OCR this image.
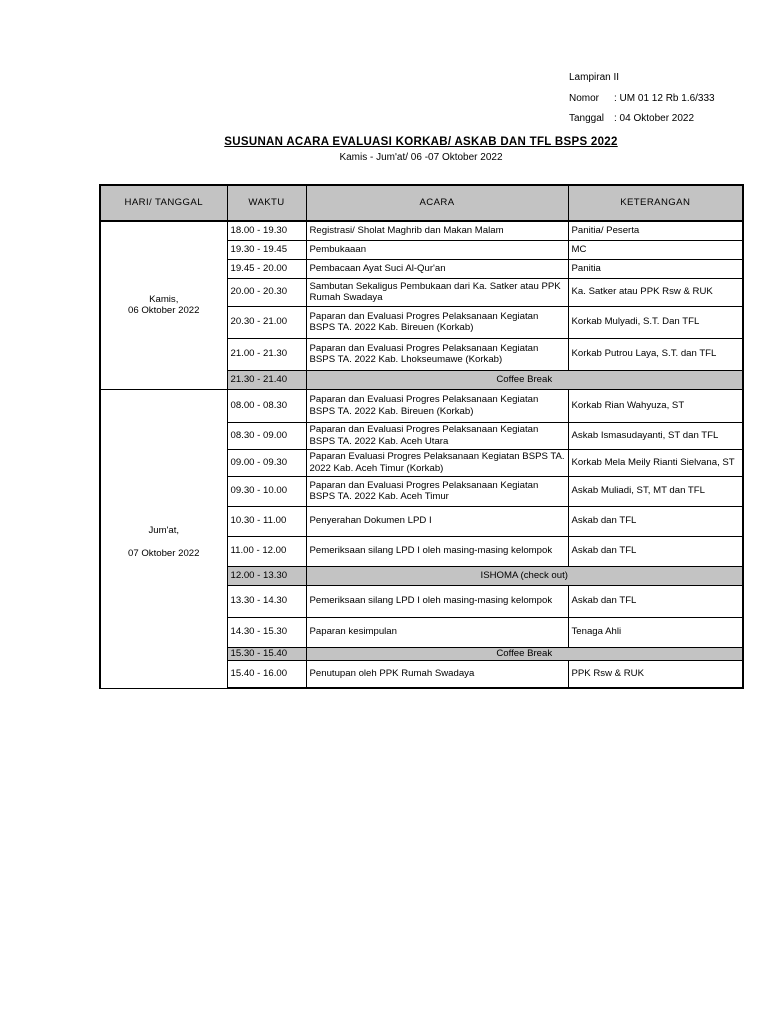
Lampiran II
Nomor	: UM 01 12 Rb 1.6/333
Tanggal : 04 Oktober 2022
SUSUNAN ACARA EVALUASI KORKAB/ ASKAB DAN TFL BSPS 2022
Kamis - Jum'at/ 06 -07 Oktober 2022
HARI/ TANGGAL	WAKTU	ACARA	KETERANGAN

Kamis,
06 Oktober 2022	18.00 - 19.30	Registrasi/ Sholat Maghrib dan Makan Malam	Panitia/ Peserta
	19.30 - 19.45	Pembukaaan	MC
	19.45 - 20.00	Pembacaan Ayat Suci Al-Qur'an	Panitia
	20.00 - 20.30	Sambutan Sekaligus Pembukaan dari Ka. Satker atau PPK Rumah Swadaya	Ka. Satker atau PPK Rsw & RUK
	20.30 - 21.00	Paparan dan Evaluasi Progres Pelaksanaan Kegiatan BSPS TA. 2022 Kab. Bireuen (Korkab)	Korkab Mulyadi, S.T. Dan TFL
	21.00 - 21.30	Paparan dan Evaluasi Progres Pelaksanaan Kegiatan BSPS TA. 2022 Kab. Lhokseumawe (Korkab)	Korkab Putrou Laya, S.T. dan TFL
	21.30 - 21.40	Coffee Break	

Jum'at,
07 Oktober 2022	08.00 - 08.30	Paparan dan Evaluasi Progres Pelaksanaan Kegiatan BSPS TA. 2022 Kab. Bireuen (Korkab)	Korkab Rian Wahyuza, ST
	08.30 - 09.00	Paparan dan Evaluasi Progres Pelaksanaan Kegiatan BSPS TA. 2022 Kab. Aceh Utara	Askab Ismasudayanti, ST dan TFL
	09.00 - 09.30	Paparan Evaluasi Progres Pelaksanaan Kegiatan BSPS TA. 2022 Kab. Aceh Timur (Korkab)	Korkab Mela Meily Rianti Sielvana, ST
	09.30 - 10.00	Paparan dan Evaluasi Progres Pelaksanaan Kegiatan BSPS TA. 2022 Kab. Aceh Timur	Askab Muliadi, ST, MT dan TFL
	10.30 - 11.00	Penyerahan Dokumen LPD I	Askab dan TFL
	11.00 - 12.00	Pemeriksaan silang LPD I oleh masing-masing kelompok	Askab dan TFL
	12.00 - 13.30	ISHOMA (check out)	
	13.30 - 14.30	Pemeriksaan silang LPD I oleh masing-masing kelompok	Askab dan TFL
	14.30 - 15.30	Paparan kesimpulan	Tenaga Ahli
	15.30 - 15.40	Coffee Break	
	15.40 - 16.00	Penutupan oleh PPK Rumah Swadaya	PPK Rsw & RUK
